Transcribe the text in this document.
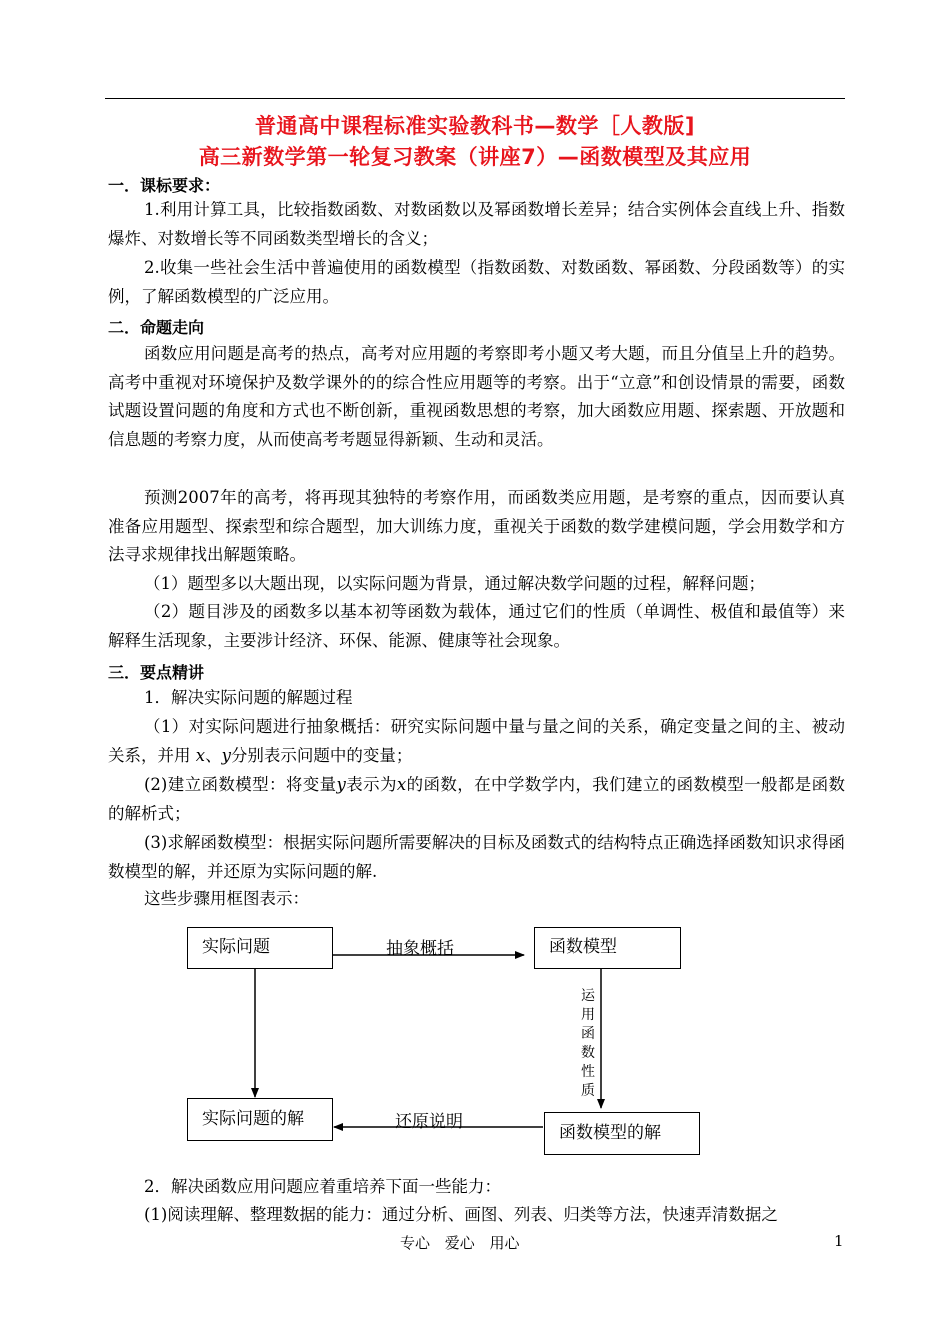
普通高中课程标准实验教科书—数学［人教版]
高三新数学第一轮复习教案（讲座7）—函数模型及其应用
一．课标要求：
1.利用计算工具，比较指数函数、对数函数以及幂函数增长差异；结合实例体会直线上升、指数爆炸、对数增长等不同函数类型增长的含义；
2.收集一些社会生活中普遍使用的函数模型（指数函数、对数函数、幂函数、分段函数等）的实例，了解函数模型的广泛应用。
二．命题走向
函数应用问题是高考的热点，高考对应用题的考察即考小题又考大题，而且分值呈上升的趋势。高考中重视对环境保护及数学课外的的综合性应用题等的考察。出于“立意”和创设情景的需要，函数试题设置问题的角度和方式也不断创新，重视函数思想的考察，加大函数应用题、探索题、开放题和信息题的考察力度，从而使高考考题显得新颖、生动和灵活。
预测2007年的高考，将再现其独特的考察作用，而函数类应用题，是考察的重点，因而要认真准备应用题型、探索型和综合题型，加大训练力度，重视关于函数的数学建模问题，学会用数学和方法寻求规律找出解题策略。
（1）题型多以大题出现，以实际问题为背景，通过解决数学问题的过程，解释问题；
（2）题目涉及的函数多以基本初等函数为载体，通过它们的性质（单调性、极值和最值等）来解释生活现象，主要涉计经济、环保、能源、健康等社会现象。
三．要点精讲
1．解决实际问题的解题过程
（1）对实际问题进行抽象概括：研究实际问题中量与量之间的关系，确定变量之间的主、被动关系，并用 x、y分别表示问题中的变量；
(2)建立函数模型：将变量y表示为x的函数，在中学数学内，我们建立的函数模型一般都是函数的解析式；
(3)求解函数模型：根据实际问题所需要解决的目标及函数式的结构特点正确选择函数知识求得函数模型的解，并还原为实际问题的解.
这些步骤用框图表示：
实际问题	函数模型
实际问题的解
函数模型的解
抽象概括
运用函数性质
还原说明
2．解决函数应用问题应着重培养下面一些能力：
(1)阅读理解、整理数据的能力：通过分析、画图、列表、归类等方法，快速弄清数据之
专心 爱心 用心	1
